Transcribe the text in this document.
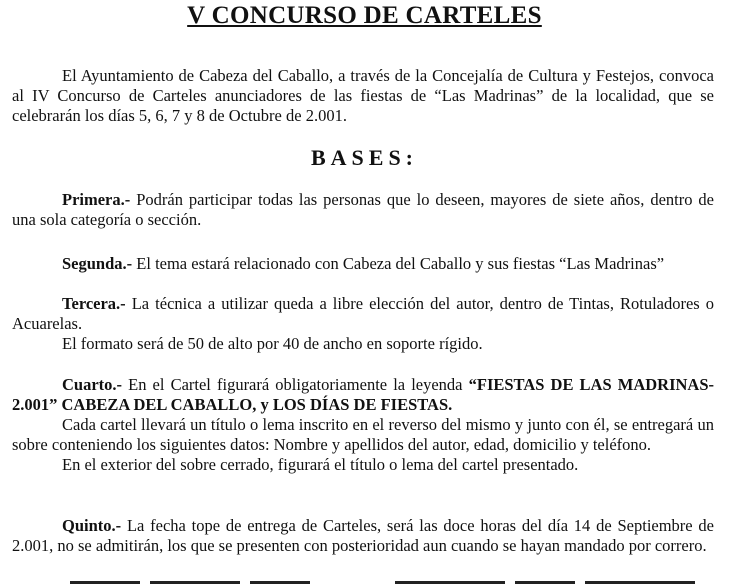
V CONCURSO DE CARTELES

El Ayuntamiento de Cabeza del Caballo, a través de la Concejalía de Cultura y Festejos, convoca al IV Concurso de Carteles anunciadores de las fiestas de “Las Madrinas” de la localidad, que se celebrarán los días 5, 6, 7 y 8 de Octubre de 2.001.

BASES:

Primera.- Podrán participar todas las personas que lo deseen, mayores de siete años, dentro de una sola categoría o sección.

Segunda.- El tema estará relacionado con Cabeza del Caballo y sus fiestas “Las Madrinas”

Tercera.- La técnica a utilizar queda a libre elección del autor, dentro de Tintas, Rotuladores o Acuarelas.

El formato será de 50 de alto por 40 de ancho en soporte rígido.

Cuarto.- En el Cartel figurará obligatoriamente la leyenda “FIESTAS DE LAS MADRINAS-2.001” CABEZA DEL CABALLO, y LOS DÍAS DE FIESTAS.

Cada cartel llevará un título o lema inscrito en el reverso del mismo y junto con él, se entregará un sobre conteniendo los siguientes datos: Nombre y apellidos del autor, edad, domicilio y teléfono.

En el exterior del sobre cerrado, figurará el título o lema del cartel presentado.

Quinto.- La fecha tope de entrega de Carteles, será las doce horas del día 14 de Septiembre de 2.001, no se admitirán, los que se presenten con posterioridad aun cuando se hayan mandado por correro.
